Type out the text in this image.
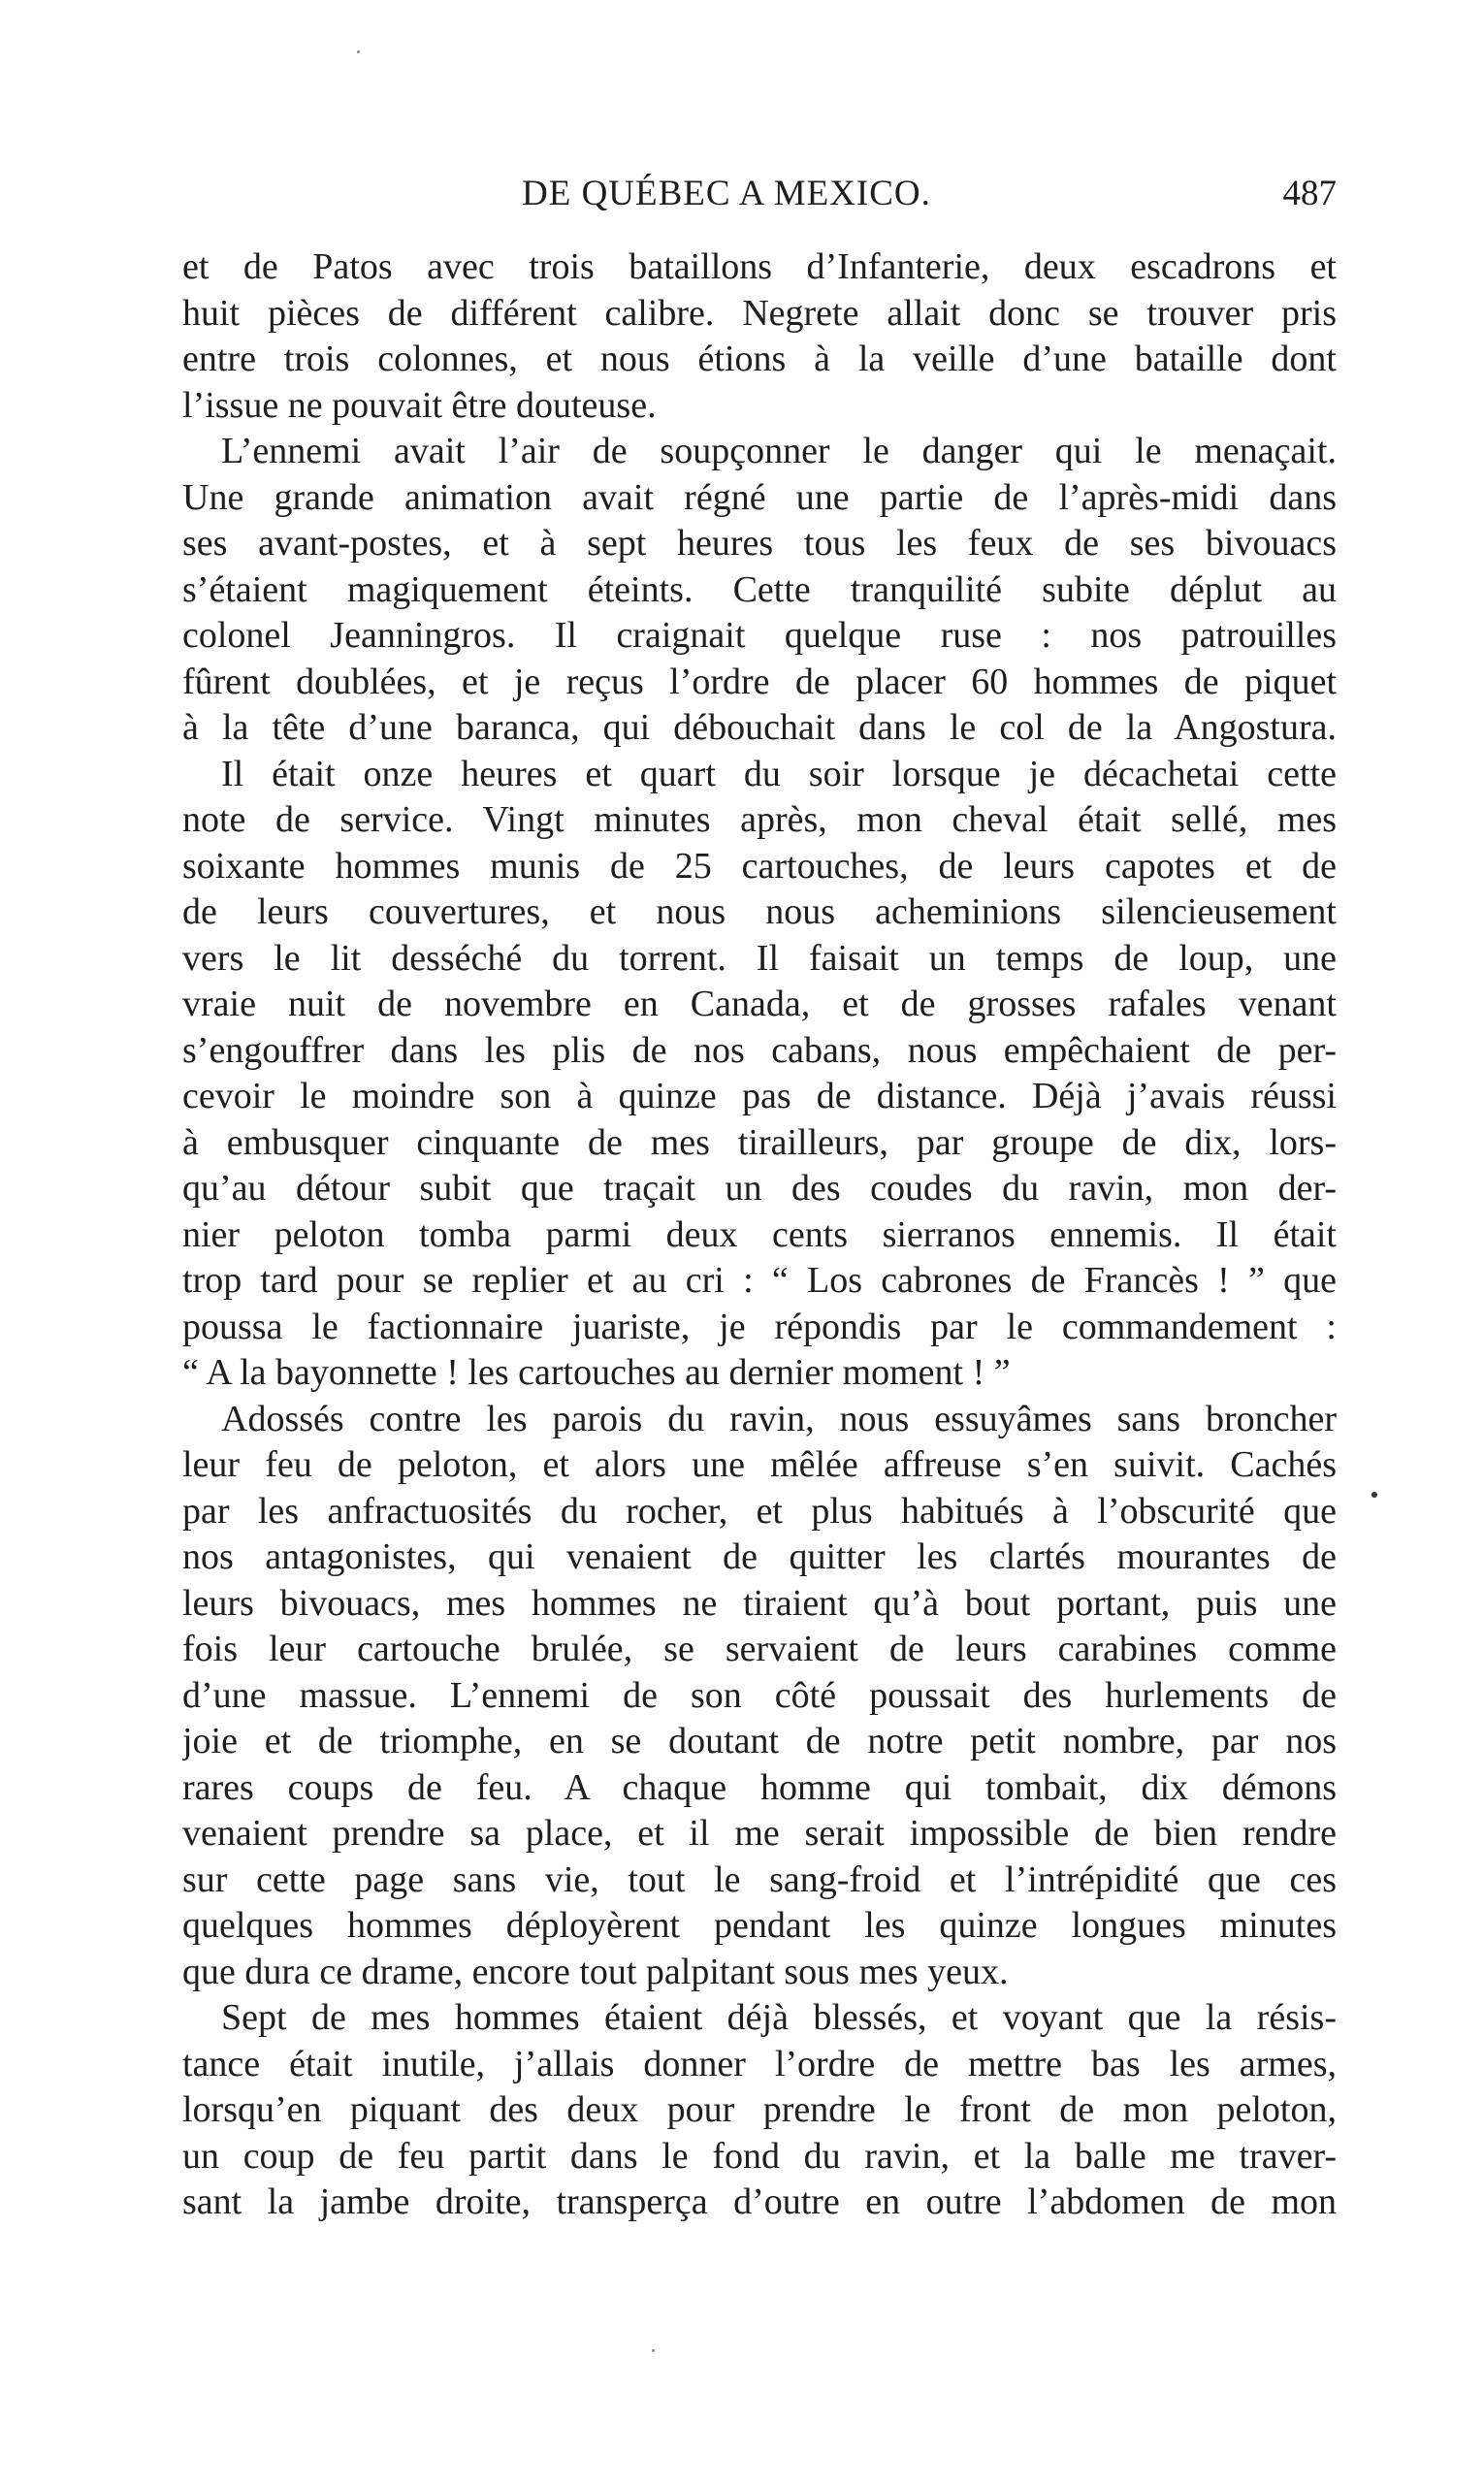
DE QUÉBEC A MEXICO.	487
et de Patos avec trois bataillons d’Infanterie, deux escadrons et
huit pièces de différent calibre. Negrete allait donc se trouver pris
entre trois colonnes, et nous étions à la veille d’une bataille dont
l’issue ne pouvait être douteuse.
L’ennemi avait l’air de soupçonner le danger qui le menaçait.
Une grande animation avait régné une partie de l’après-midi dans
ses avant-postes, et à sept heures tous les feux de ses bivouacs
s’étaient magiquement éteints. Cette tranquilité subite déplut au
colonel Jeanningros. Il craignait quelque ruse : nos patrouilles
fûrent doublées, et je reçus l’ordre de placer 60 hommes de piquet
à la tête d’une baranca, qui débouchait dans le col de la Angostura.
Il était onze heures et quart du soir lorsque je décachetai cette
note de service. Vingt minutes après, mon cheval était sellé, mes
soixante hommes munis de 25 cartouches, de leurs capotes et de
de leurs couvertures, et nous nous acheminions silencieusement
vers le lit desséché du torrent. Il faisait un temps de loup, une
vraie nuit de novembre en Canada, et de grosses rafales venant
s’engouffrer dans les plis de nos cabans, nous empêchaient de per-
cevoir le moindre son à quinze pas de distance. Déjà j’avais réussi
à embusquer cinquante de mes tirailleurs, par groupe de dix, lors-
qu’au détour subit que traçait un des coudes du ravin, mon der-
nier peloton tomba parmi deux cents sierranos ennemis. Il était
trop tard pour se replier et au cri : “ Los cabrones de Francès ! ” que
poussa le factionnaire juariste, je répondis par le commandement :
“ A la bayonnette ! les cartouches au dernier moment ! ”
Adossés contre les parois du ravin, nous essuyâmes sans broncher
leur feu de peloton, et alors une mêlée affreuse s’en suivit. Cachés
par les anfractuosités du rocher, et plus habitués à l’obscurité que
nos antagonistes, qui venaient de quitter les clartés mourantes de
leurs bivouacs, mes hommes ne tiraient qu’à bout portant, puis une
fois leur cartouche brulée, se servaient de leurs carabines comme
d’une massue. L’ennemi de son côté poussait des hurlements de
joie et de triomphe, en se doutant de notre petit nombre, par nos
rares coups de feu. A chaque homme qui tombait, dix démons
venaient prendre sa place, et il me serait impossible de bien rendre
sur cette page sans vie, tout le sang-froid et l’intrépidité que ces
quelques hommes déployèrent pendant les quinze longues minutes
que dura ce drame, encore tout palpitant sous mes yeux.
Sept de mes hommes étaient déjà blessés, et voyant que la résis-
tance était inutile, j’allais donner l’ordre de mettre bas les armes,
lorsqu’en piquant des deux pour prendre le front de mon peloton,
un coup de feu partit dans le fond du ravin, et la balle me traver-
sant la jambe droite, transperça d’outre en outre l’abdomen de mon
